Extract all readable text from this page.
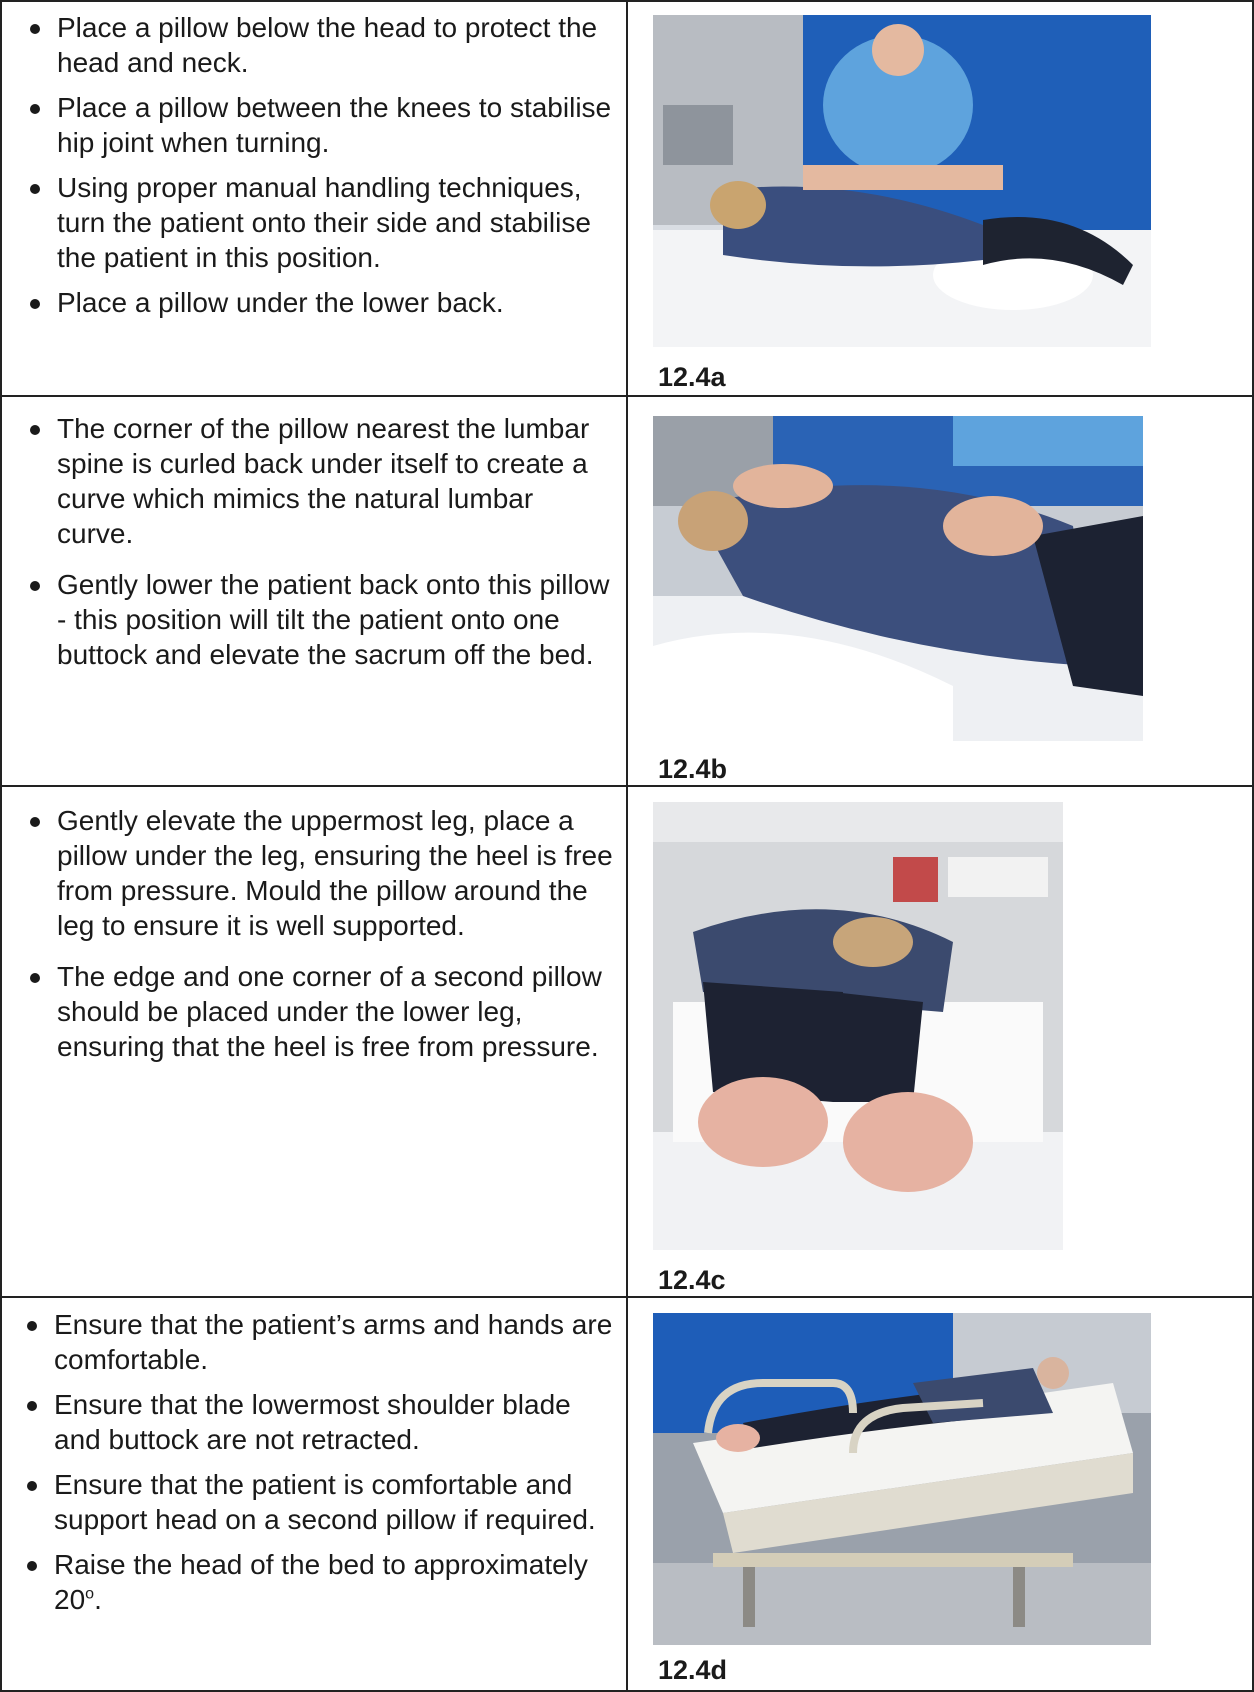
Place a pillow below the head to protect the head and neck.
Place a pillow between the knees to stabilise hip joint when turning.
Using proper manual handling techniques, turn the patient onto their side and stabilise the patient in this position.
Place a pillow under the lower back.
12.4a
The corner of the pillow nearest the lumbar spine is curled back under itself to create a curve which mimics the natural lumbar curve.
Gently lower the patient back onto this pillow - this position will tilt the patient onto one buttock and elevate the sacrum off the bed.
12.4b
Gently elevate the uppermost leg, place a pillow under the leg, ensuring the heel is free from pressure. Mould the pillow around the leg to ensure it is well supported.
The edge and one corner of a second pillow should be placed under the lower leg, ensuring that the heel is free from pressure.
12.4c
Ensure that the patient’s arms and hands are comfortable.
Ensure that the lowermost shoulder blade and buttock are not retracted.
Ensure that the patient is comfortable and support head on a second pillow if required.
Raise the head of the bed to approximately 20$^o$.
12.4d
